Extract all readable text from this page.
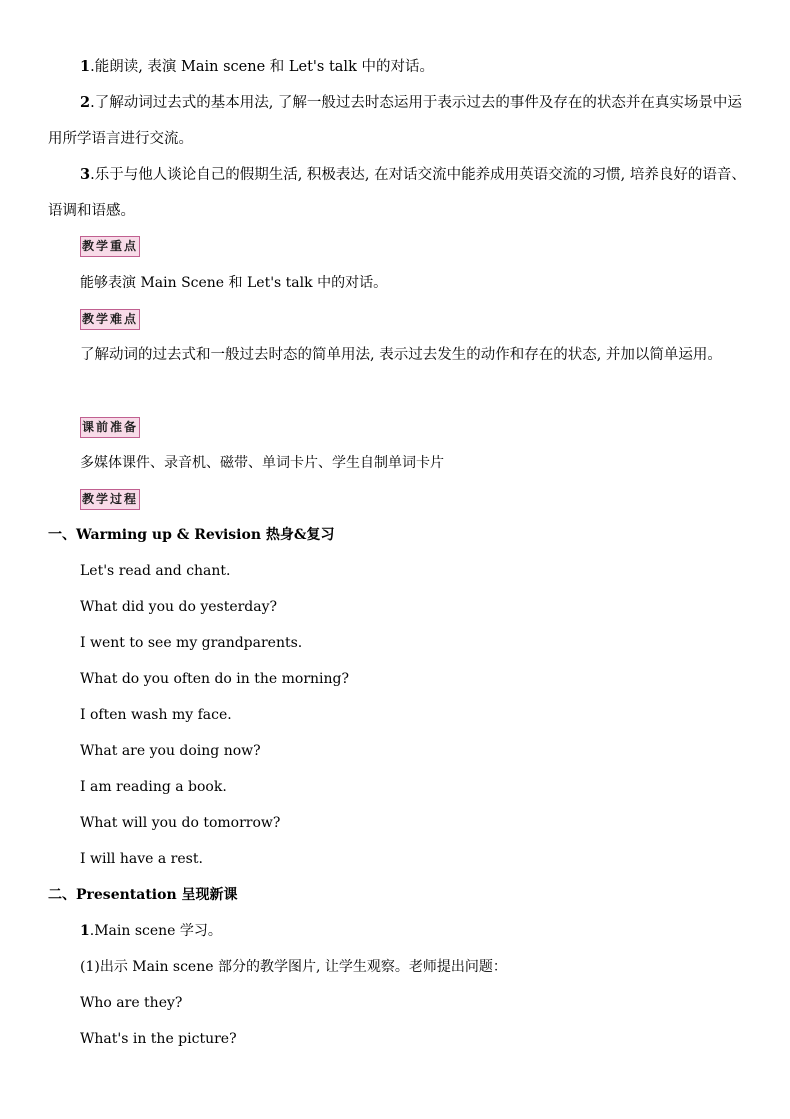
1.能朗读, 表演 Main scene 和 Let's talk 中的对话。

2.了解动词过去式的基本用法, 了解一般过去时态运用于表示过去的事件及存在的状态并在真实场景中运用所学语言进行交流。

3.乐于与他人谈论自己的假期生活, 积极表达, 在对话交流中能养成用英语交流的习惯, 培养良好的语音、语调和语感。

教学重点

能够表演 Main Scene 和 Let's talk 中的对话。

教学难点

了解动词的过去式和一般过去时态的简单用法, 表示过去发生的动作和存在的状态, 并加以简单运用。

课前准备

多媒体课件、录音机、磁带、单词卡片、学生自制单词卡片

教学过程

一、Warming up & Revision 热身&复习

Let's read and chant.

What did you do yesterday?

I went to see my grandparents.

What do you often do in the morning?

I often wash my face.

What are you doing now?

I am reading a book.

What will you do tomorrow?

I will have a rest.

二、Presentation 呈现新课

1.Main scene 学习。

(1)出示 Main scene 部分的教学图片, 让学生观察。老师提出问题：

Who are they?

What's in the picture?
